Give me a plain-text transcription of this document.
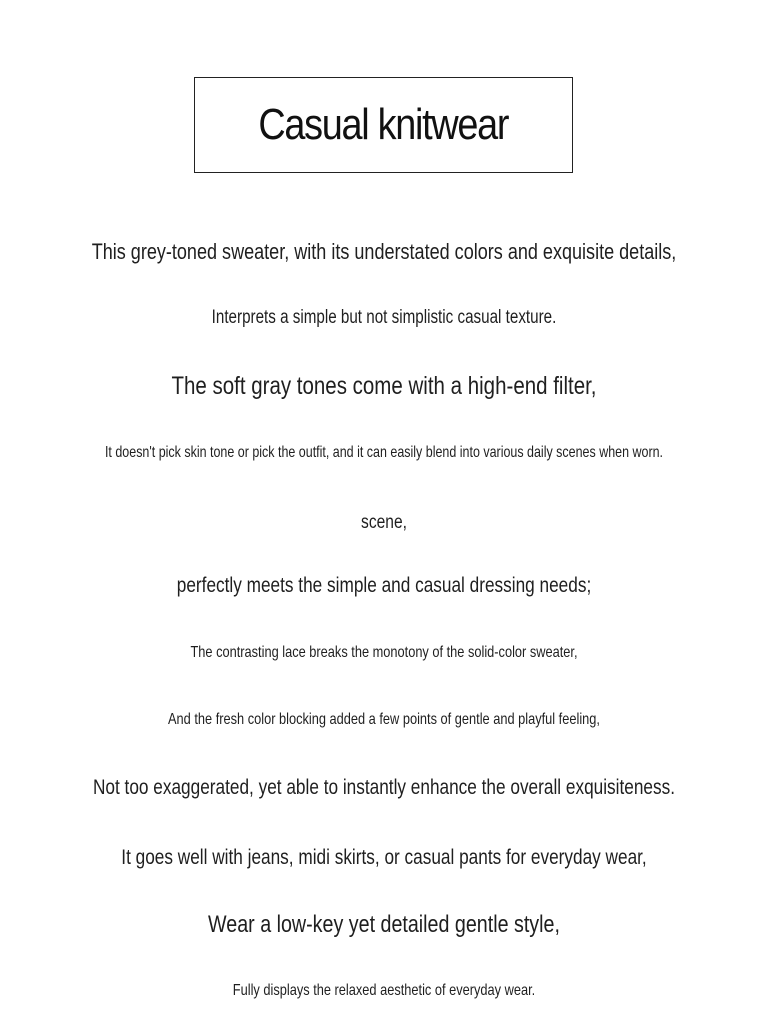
Casual knitwear
This grey-toned sweater, with its understated colors and exquisite details,
Interprets a simple but not simplistic casual texture.
The soft gray tones come with a high-end filter,
It doesn't pick skin tone or pick the outfit, and it can easily blend into various daily scenes when worn.
scene,
perfectly meets the simple and casual dressing needs;
The contrasting lace breaks the monotony of the solid-color sweater,
And the fresh color blocking added a few points of gentle and playful feeling,
Not too exaggerated, yet able to instantly enhance the overall exquisiteness.
It goes well with jeans, midi skirts, or casual pants for everyday wear,
Wear a low-key yet detailed gentle style,
Fully displays the relaxed aesthetic of everyday wear.
